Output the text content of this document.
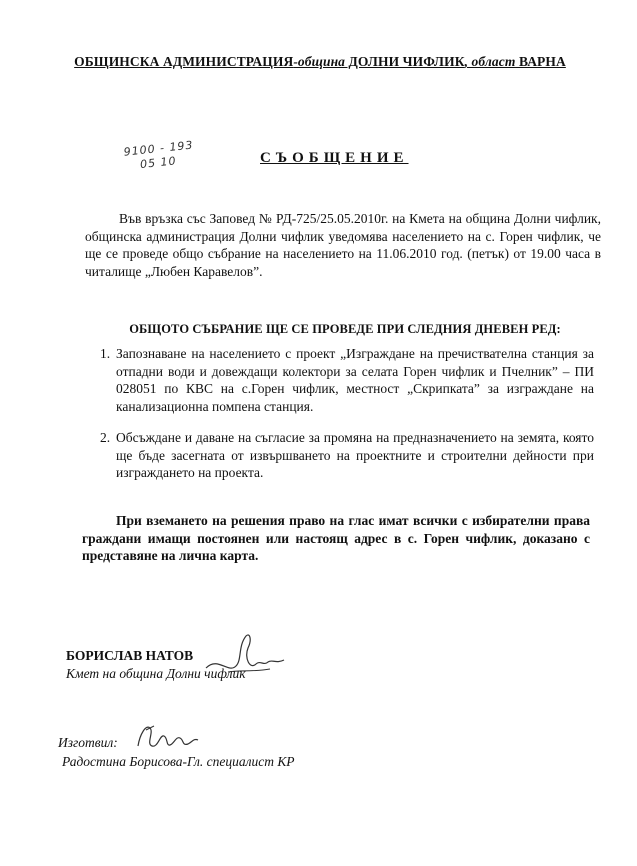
ОБЩИНСКА АДМИНИСТРАЦИЯ-община ДОЛНИ ЧИФЛИК, област ВАРНА
9100 - 193
05 10	СЪОБЩЕНИЕ
Във връзка със Заповед № РД-725/25.05.2010г. на Кмета на община Долни чифлик, общинска администрация Долни чифлик уведомява населението на с. Горен чифлик, че ще се проведе общо събрание на населението на 11.06.2010 год. (петък) от 19.00 часа в читалище „Любен Каравелов”.
ОБЩОТО СЪБРАНИЕ ЩЕ СЕ ПРОВЕДЕ ПРИ СЛЕДНИЯ ДНЕВЕН РЕД:
1. Запознаване на населението с проект „Изграждане на пречиствателна станция за отпадни води и довеждащи колектори за селата Горен чифлик и Пчелник” – ПИ 028051 по КВС на с.Горен чифлик, местност „Скрипката” за изграждане на канализационна помпена станция.
2. Обсъждане и даване на съгласие за промяна на предназначението на земята, която ще бъде засегната от извършването на проектните и строителни дейности при изграждането на проекта.
При вземането на решения право на глас имат всички с избирателни права граждани имащи постоянен или настоящ адрес в с. Горен чифлик, доказано с представяне на лична карта.
БОРИСЛАВ НАТОВ
Кмет на община Долни чифлик
Изготвил:
Радостина Борисова-Гл. специалист КР
